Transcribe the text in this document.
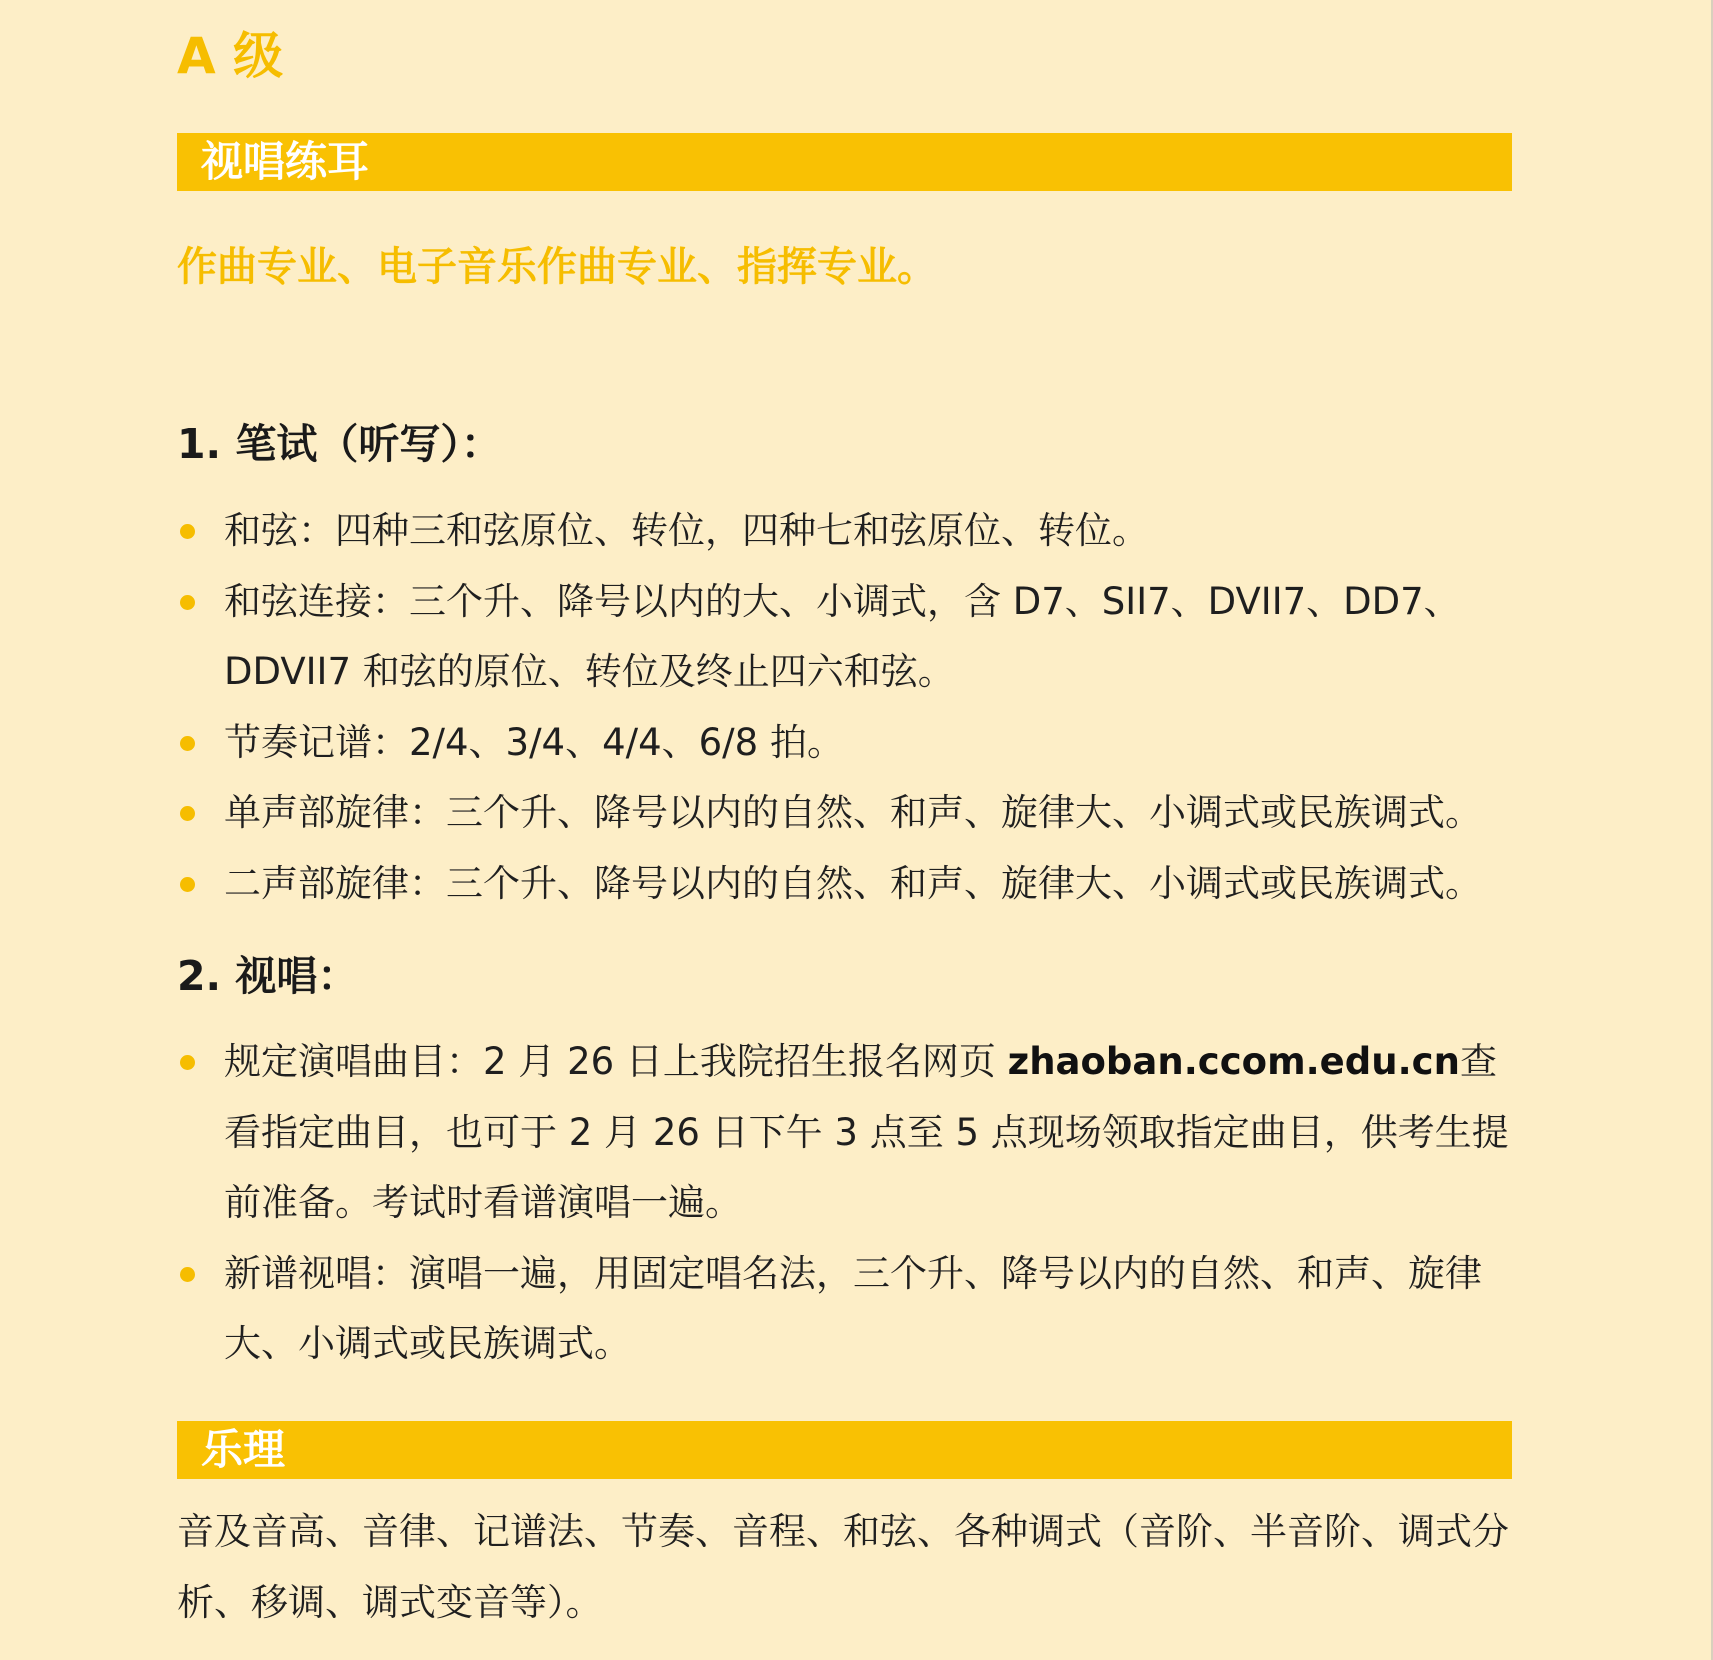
A 级
视唱练耳

作曲专业、电子音乐作曲专业、指挥专业。

1. 笔试（听写）：
和弦：四种三和弦原位、转位，四种七和弦原位、转位。
和弦连接：三个升、降号以内的大、小调式，含 D7、SII7、DVII7、DD7、DDVII7 和弦的原位、转位及终止四六和弦。
节奏记谱：2/4、3/4、4/4、6/8 拍。
单声部旋律：三个升、降号以内的自然、和声、旋律大、小调式或民族调式。
二声部旋律：三个升、降号以内的自然、和声、旋律大、小调式或民族调式。
2. 视唱：
规定演唱曲目：2 月 26 日上我院招生报名网页 zhaoban.ccom.edu.cn查看指定曲目，也可于 2 月 26 日下午 3 点至 5 点现场领取指定曲目，供考生提前准备。考试时看谱演唱一遍。
新谱视唱：演唱一遍，用固定唱名法，三个升、降号以内的自然、和声、旋律大、小调式或民族调式。
乐理

音及音高、音律、记谱法、节奏、音程、和弦、各种调式（音阶、半音阶、调式分析、移调、调式变音等）。
